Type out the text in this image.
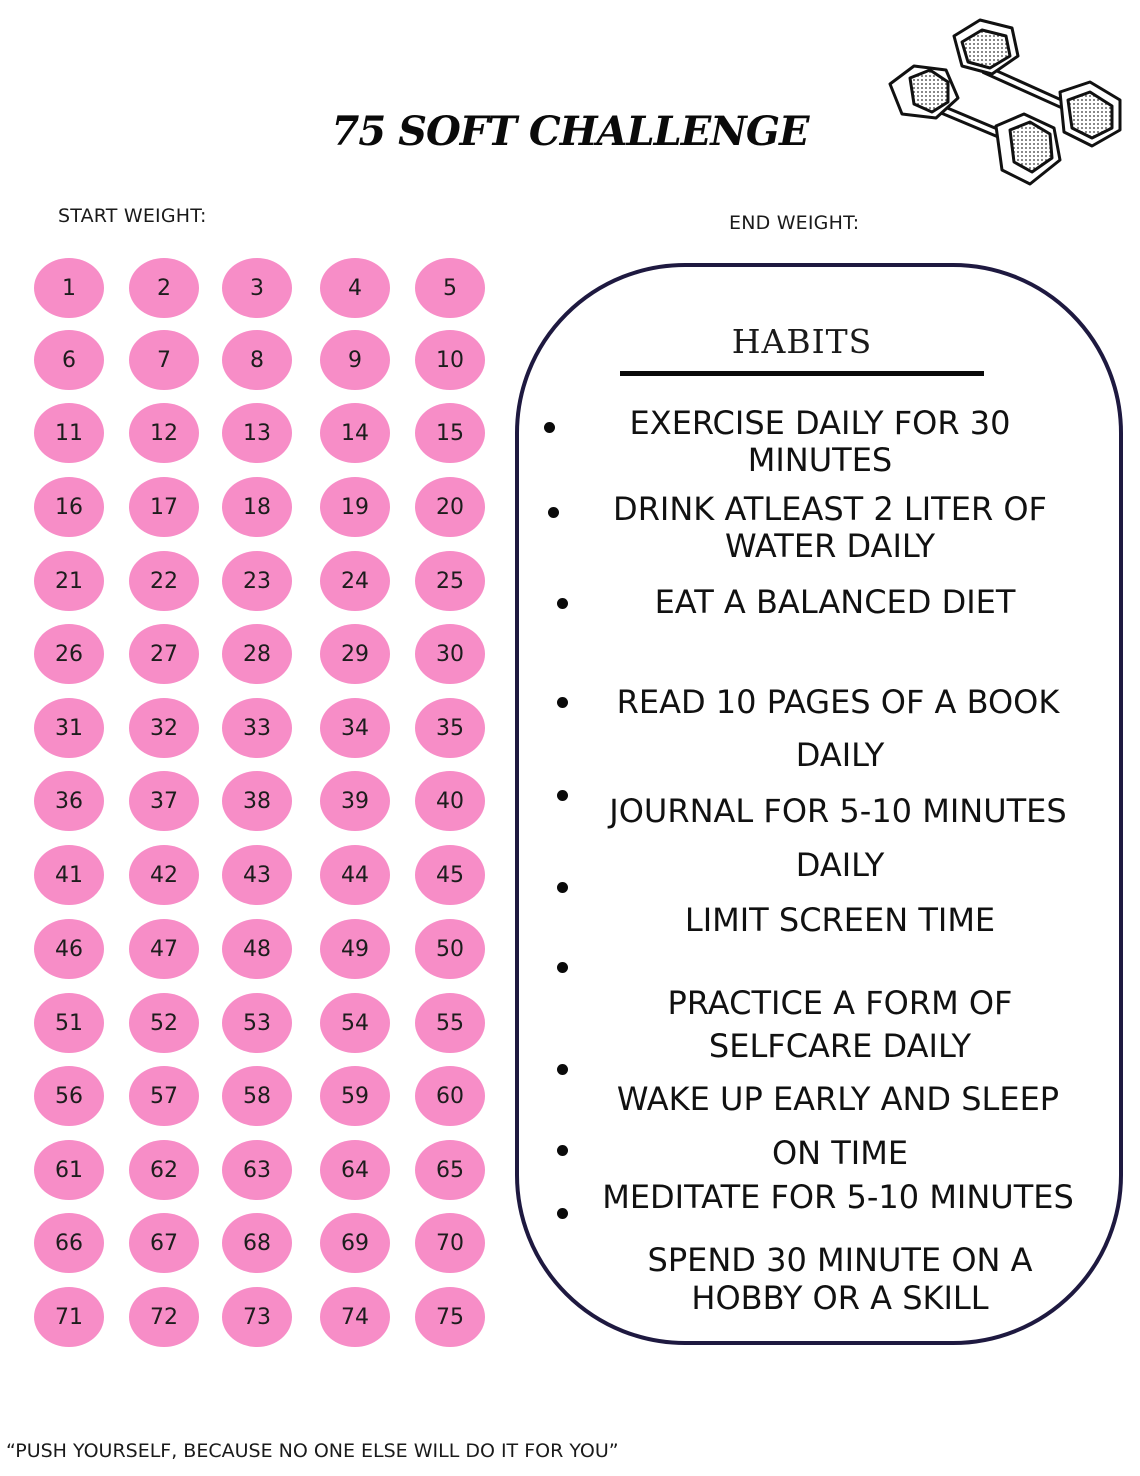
75 SOFT CHALLENGE
START WEIGHT:	END WEIGHT:
1	2	3	4	5
6	7	8	9	10
11	12	13	14	15
16	17	18	19	20
21	22	23	24	25
26	27	28	29	30
31	32	33	34	35
36	37	38	39	40
41	42	43	44	45
46	47	48	49	50
51	52	53	54	55
56	57	58	59	60
61	62	63	64	65
66	67	68	69	70
71	72	73	74	75
HABITS
EXERCISE DAILY FOR 30
MINUTES
DRINK ATLEAST 2 LITER OF
WATER DAILY
EAT A BALANCED DIET
READ 10 PAGES OF A BOOK
DAILY
JOURNAL FOR 5-10 MINUTES
DAILY
LIMIT SCREEN TIME
PRACTICE A FORM OF
SELFCARE DAILY
WAKE UP EARLY AND SLEEP
ON TIME
MEDITATE FOR 5-10 MINUTES
SPEND 30 MINUTE ON A
HOBBY OR A SKILL
“PUSH YOURSELF, BECAUSE NO ONE ELSE WILL DO IT FOR YOU”
